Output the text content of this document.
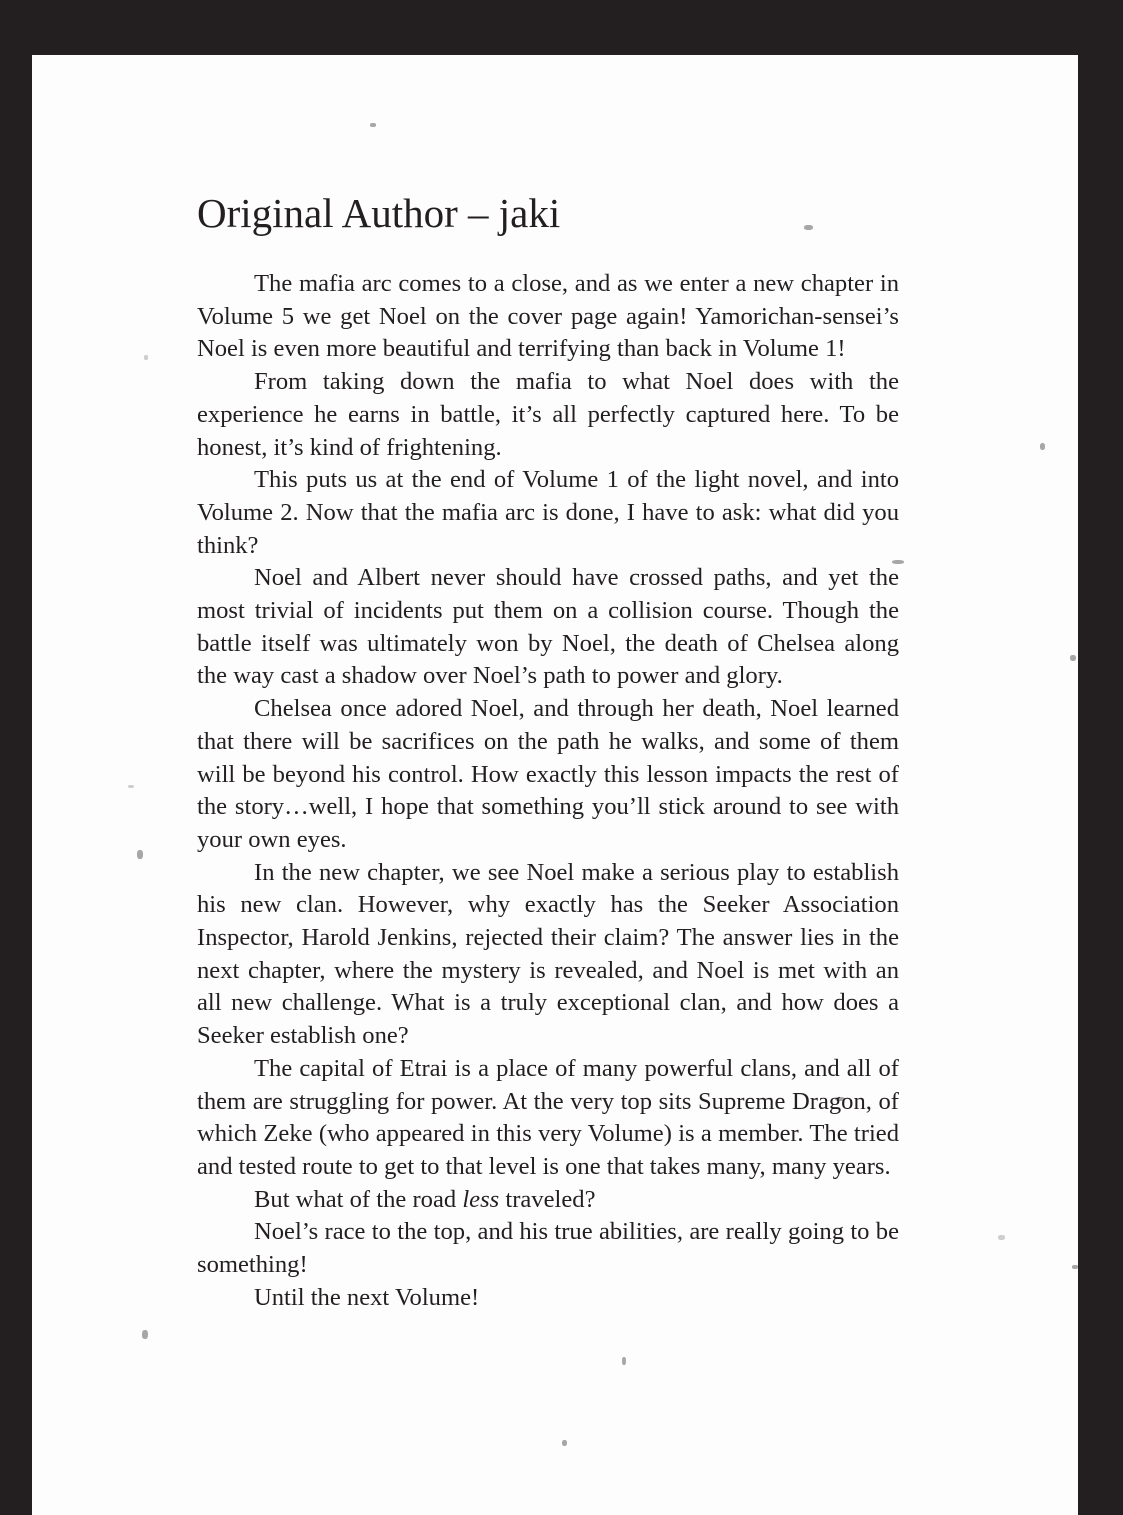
Original Author – jaki

The mafia arc comes to a close, and as we enter a new chapter in Volume 5 we get Noel on the cover page again! Yamorichan-sensei’s Noel is even more beautiful and terrifying than back in Volume 1!

From taking down the mafia to what Noel does with the experience he earns in battle, it’s all perfectly captured here. To be honest, it’s kind of frightening.

This puts us at the end of Volume 1 of the light novel, and into Volume 2. Now that the mafia arc is done, I have to ask: what did you think?

Noel and Albert never should have crossed paths, and yet the most trivial of incidents put them on a collision course. Though the battle itself was ultimately won by Noel, the death of Chelsea along the way cast a shadow over Noel’s path to power and glory.

Chelsea once adored Noel, and through her death, Noel learned that there will be sacrifices on the path he walks, and some of them will be beyond his control. How exactly this lesson impacts the rest of the story…well, I hope that something you’ll stick around to see with your own eyes.

In the new chapter, we see Noel make a serious play to establish his new clan. However, why exactly has the Seeker Association Inspector, Harold Jenkins, rejected their claim? The answer lies in the next chapter, where the mystery is revealed, and Noel is met with an all new challenge. What is a truly exceptional clan, and how does a Seeker establish one?

The capital of Etrai is a place of many powerful clans, and all of them are struggling for power. At the very top sits Supreme Dragon, of which Zeke (who appeared in this very Volume) is a member. The tried and tested route to get to that level is one that takes many, many years.

But what of the road less traveled?

Noel’s race to the top, and his true abilities, are really going to be something!

Until the next Volume!
